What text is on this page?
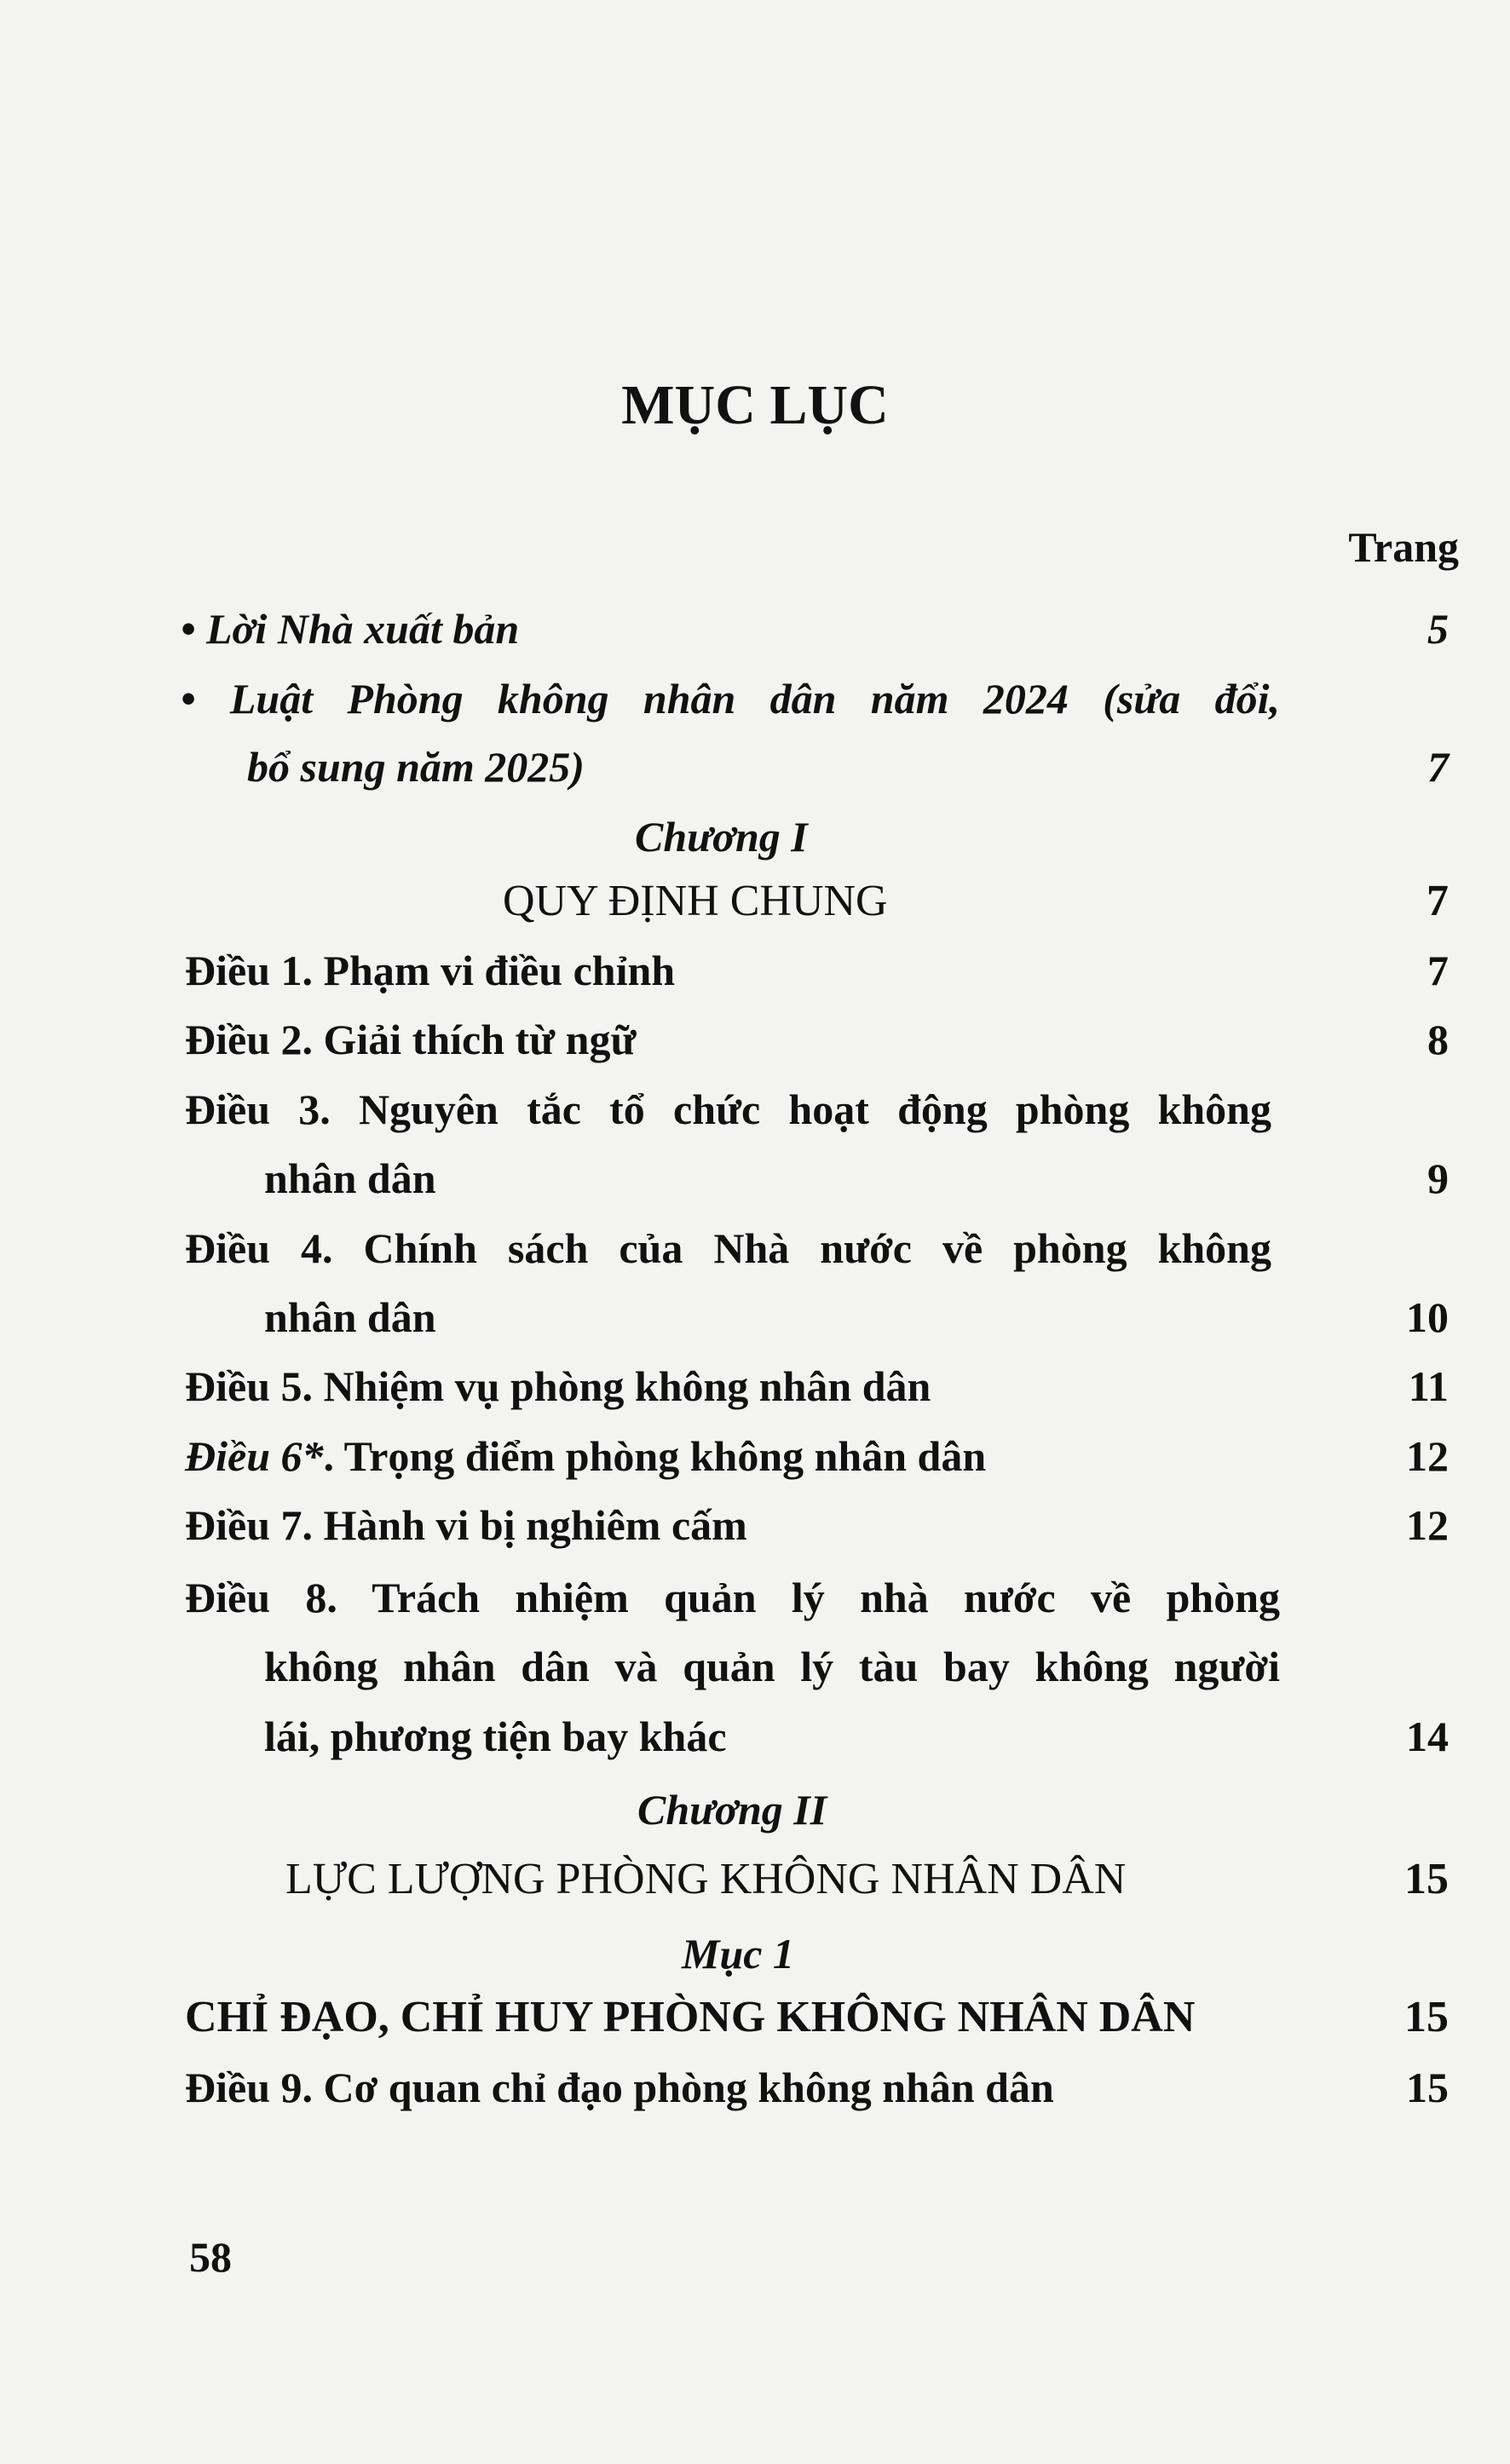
MỤC LỤC
Trang
• Lời Nhà xuất bản	5
• Luật Phòng không nhân dân năm 2024 (sửa đổi,
bổ sung năm 2025)	7
Chương I
QUY ĐỊNH CHUNG	7
Điều 1. Phạm vi điều chỉnh	7
Điều 2. Giải thích từ ngữ	8
Điều 3. Nguyên tắc tổ chức hoạt động phòng không
nhân dân	9
Điều 4. Chính sách của Nhà nước về phòng không
nhân dân	10
Điều 5. Nhiệm vụ phòng không nhân dân	11
Điều 6*. Trọng điểm phòng không nhân dân	12
Điều 7. Hành vi bị nghiêm cấm	12
Điều 8. Trách nhiệm quản lý nhà nước về phòng
không nhân dân và quản lý tàu bay không người
lái, phương tiện bay khác	14
Chương II
LỰC LƯỢNG PHÒNG KHÔNG NHÂN DÂN	15
Mục 1
CHỈ ĐẠO, CHỈ HUY PHÒNG KHÔNG NHÂN DÂN	15
Điều 9. Cơ quan chỉ đạo phòng không nhân dân	15
58
